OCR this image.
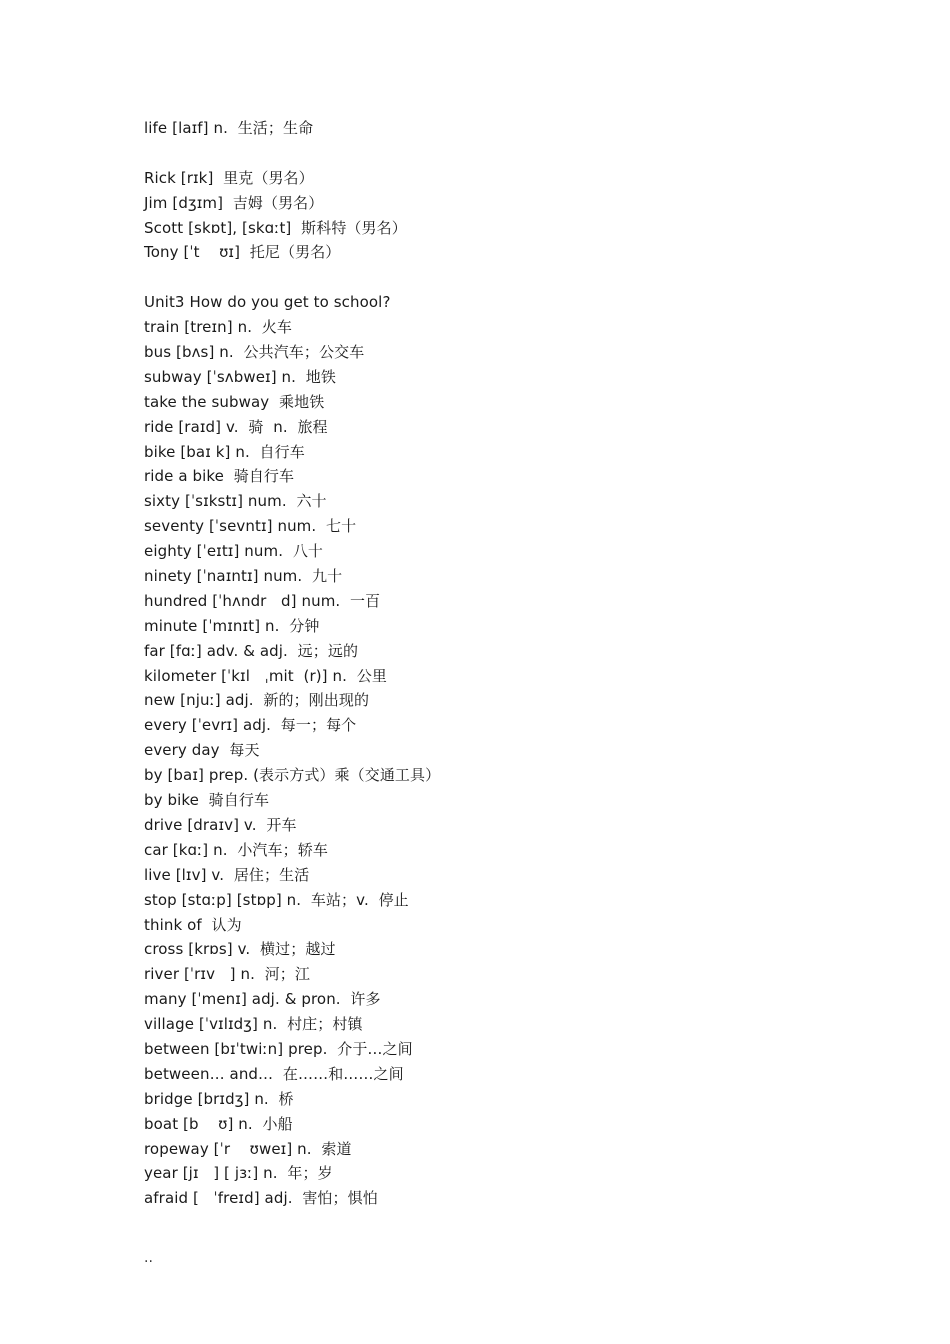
life [laɪf] n.  生活；生命
Rick [rɪk]  里克（男名）
Jim [dʒɪm]  吉姆（男名）
Scott [skɒt], [skɑːt]  斯科特（男名）
Tony [ˈt    ʊɪ]  托尼（男名）
Unit3 How do you get to school?
train [treɪn] n.  火车
bus [bʌs] n.  公共汽车；公交车
subway [ˈsʌbweɪ] n.  地铁
take the subway  乘地铁
ride [raɪd] v.  骑  n.  旅程
bike [baɪ k] n.  自行车
ride a bike  骑自行车
sixty [ˈsɪkstɪ] num.  六十
seventy [ˈsevntɪ] num.  七十
eighty [ˈeɪtɪ] num.  八十
ninety [ˈnaɪntɪ] num.  九十
hundred [ˈhʌndr   d] num.  一百
minute [ˈmɪnɪt] n.  分钟
far [fɑː] adv. & adj.  远；远的
kilometer [ˈkɪl   ˌmit  (r)] n.  公里
new [njuː] adj.  新的；刚出现的
every [ˈevrɪ] adj.  每一；每个
every day  每天
by [baɪ] prep. (表示方式）乘（交通工具）
by bike  骑自行车
drive [draɪv] v.  开车
car [kɑː] n.  小汽车；轿车
live [lɪv] v.  居住；生活
stop [stɑːp] [stɒp] n.  车站；v.  停止
think of  认为
cross [krɒs] v.  横过；越过
river [ˈrɪv   ] n.  河；江
many [ˈmenɪ] adj. & pron.  许多
village [ˈvɪlɪdʒ] n.  村庄；村镇
between [bɪˈtwiːn] prep.  介于…之间
between… and…  在……和……之间
bridge [brɪdʒ] n.  桥
boat [b    ʊ] n.  小船
ropeway [ˈr    ʊweɪ] n.  索道
year [jɪ   ] [ jɜː] n.  年；岁
afraid [   ˈfreɪd] adj.  害怕；惧怕
..
